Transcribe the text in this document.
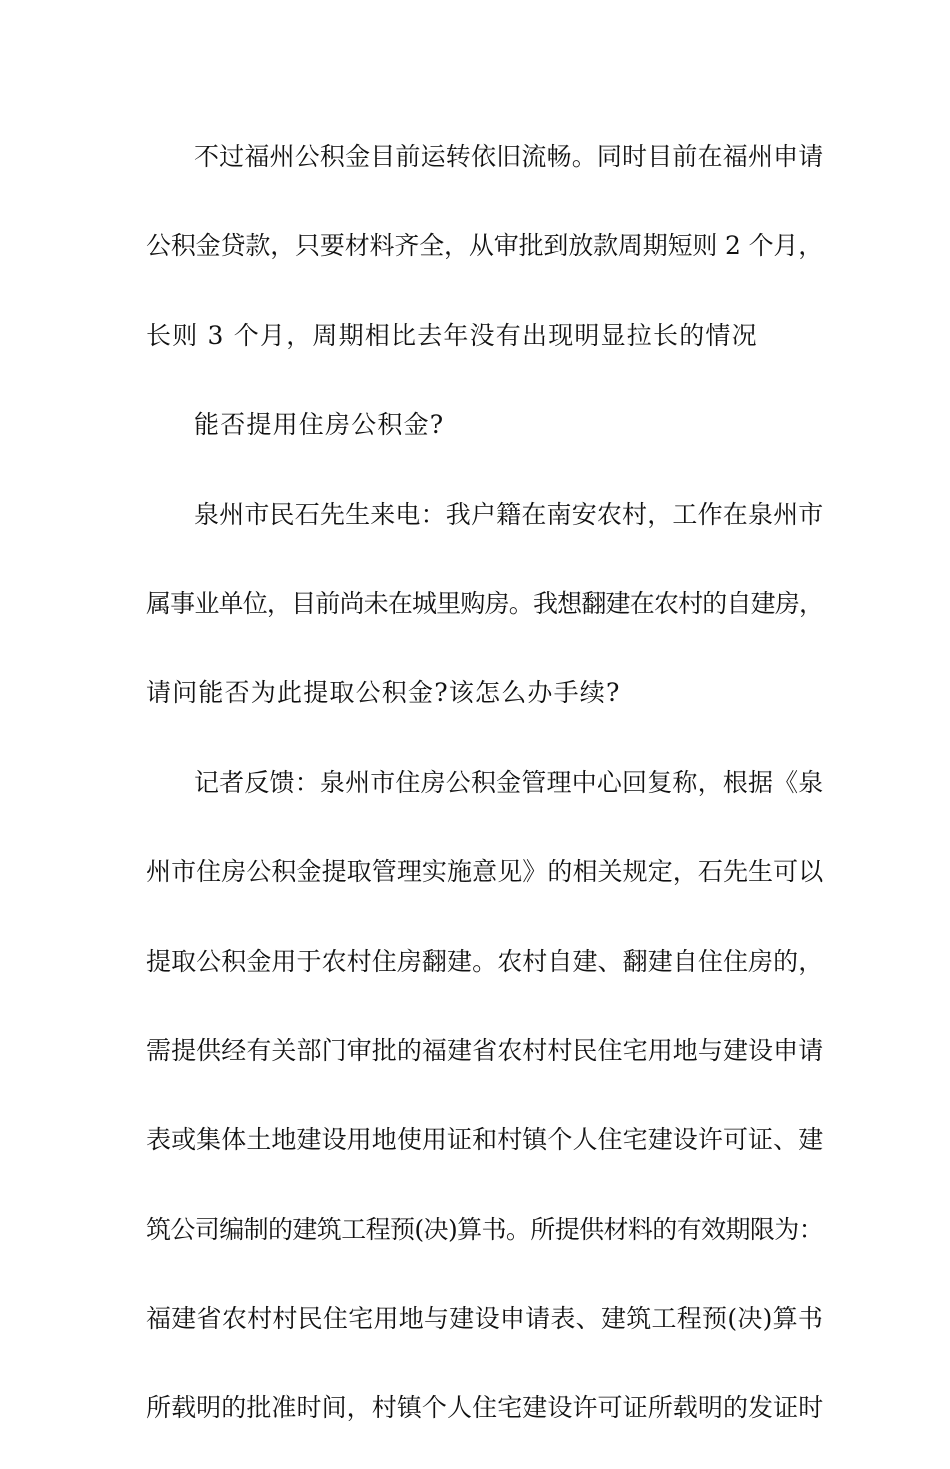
不过福州公积金目前运转依旧流畅。同时目前在福州申请
公积金贷款，只要材料齐全，从审批到放款周期短则 2 个月，
长则 3 个月，周期相比去年没有出现明显拉长的情况
能否提用住房公积金?
泉州市民石先生来电：我户籍在南安农村，工作在泉州市
属事业单位，目前尚未在城里购房。我想翻建在农村的自建房，
请问能否为此提取公积金?该怎么办手续?
记者反馈：泉州市住房公积金管理中心回复称，根据《泉
州市住房公积金提取管理实施意见》的相关规定，石先生可以
提取公积金用于农村住房翻建。农村自建、翻建自住住房的，
需提供经有关部门审批的福建省农村村民住宅用地与建设申请
表或集体土地建设用地使用证和村镇个人住宅建设许可证、建
筑公司编制的建筑工程预(决)算书。所提供材料的有效期限为：
福建省农村村民住宅用地与建设申请表、建筑工程预(决)算书
所载明的批准时间，村镇个人住宅建设许可证所载明的发证时
